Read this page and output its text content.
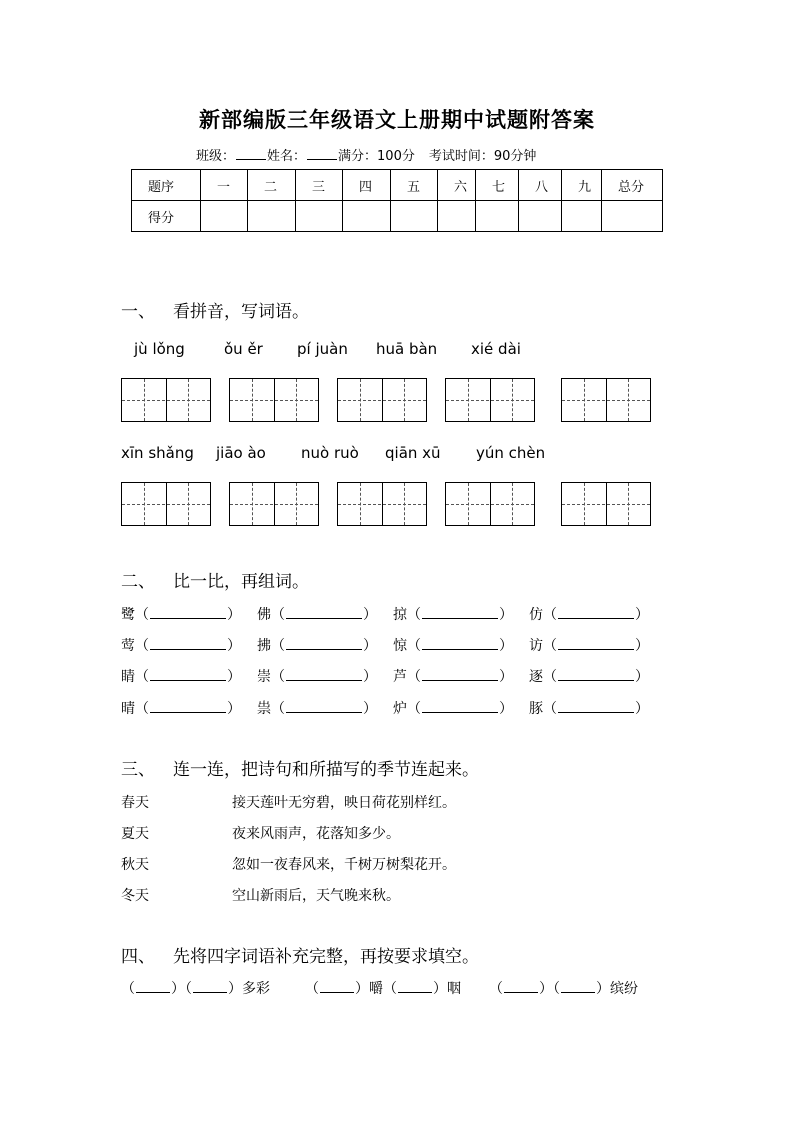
新部编版三年级语文上册期中试题附答案
班级： 姓名： 满分：100分 考试时间：90分钟
题序	一	二	三	四	五	六	七	八	九	总分
得分										
一、 看拼音，写词语。
jù lǒng	ǒu ěr pí juàn huā bàn xié dài
xīn shǎng jiāo ào nuò ruò qiān xū yún chèn
二、 比一比，再组词。
鹭（	） 佛（	） 掠（	） 仿（	）
莺（	） 拂（	） 惊（	） 访（	）
睛（	） 崇（	） 芦（	） 逐（	）
晴（	） 祟（	） 炉（	） 豚（	）
三、 连一连，把诗句和所描写的季节连起来。
春天	接天莲叶无穷碧，映日荷花别样红。
夏天	夜来风雨声，花落知多少。
秋天	忽如一夜春风来，千树万树梨花开。
冬天	空山新雨后，天气晚来秋。
四、 先将四字词语补充完整，再按要求填空。
（	）（	）多彩	（	）嚼（	）咽 （	）（	）缤纷
